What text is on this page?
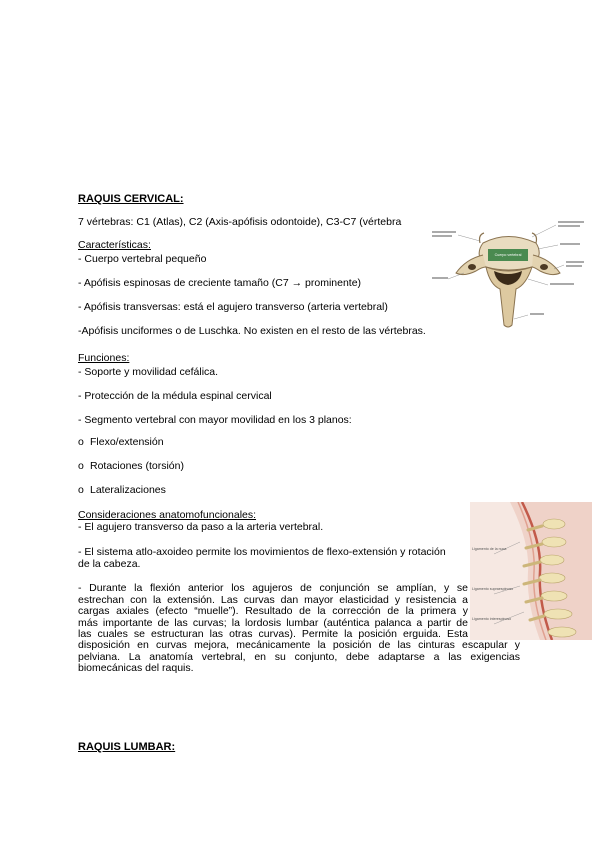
RAQUIS CERVICAL:
7 vértebras: C1 (Atlas), C2 (Axis-apófisis odontoide), C3-C7 (vértebra
Cuerpo vertebral
Características:
- Cuerpo vertebral pequeño
- Apófisis espinosas de creciente tamaño (C7 → prominente)
- Apófisis transversas: está el agujero transverso (arteria vertebral)
-Apófisis unciformes o de Luschka. No existen en el resto de las vértebras.
Funciones:
- Soporte y movilidad cefálica.
- Protección de la médula espinal cervical
- Segmento vertebral con mayor movilidad en los 3 planos:
o Flexo/extensión
o Rotaciones (torsión)
o Lateralizaciones
Ligamento de la nuca
Ligamento supraespinoso
Ligamento interespinoso
Consideraciones anatomofuncionales:
- El agujero transverso da paso a la arteria vertebral.
- El sistema atlo-axoideo permite los movimientos de flexo-extensión y rotación
de la cabeza.
- Durante la flexión anterior los agujeros de conjunción se amplían, y se
estrechan con la extensión. Las curvas dan mayor elasticidad y resistencia a
cargas axiales (efecto “muelle”). Resultado de la corrección de la primera y
más importante de las curvas; la lordosis lumbar (auténtica palanca a partir de
las cuales se estructuran las otras curvas). Permite la posición erguida. Esta
disposición en curvas mejora, mecánicamente la posición de las cinturas escapular y
pelviana. La anatomía vertebral, en su conjunto, debe adaptarse a las exigencias
biomecánicas del raquis.
RAQUIS LUMBAR:
